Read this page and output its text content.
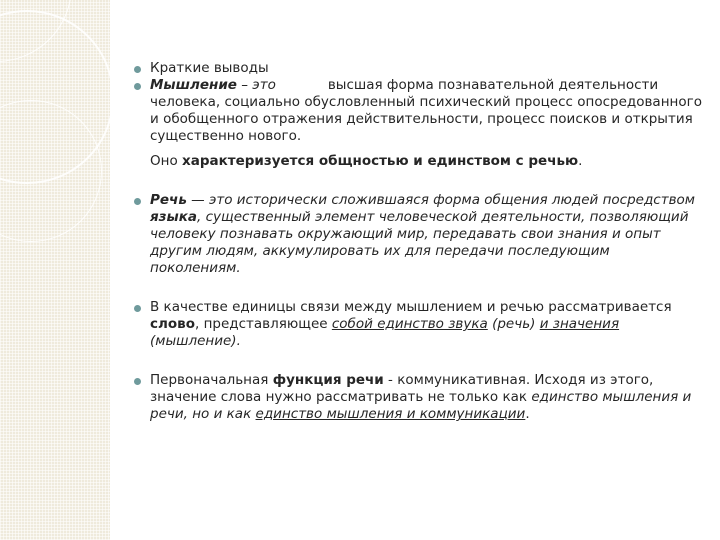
Краткие выводы
Мышление – это	высшая форма познавательной деятельности человека, социально обусловленный психический процесс опосредованного и обобщенного отражения действительности, процесс поисков и открытия существенно нового.
Оно характеризуется общностью и единством с речью.
Речь — это исторически сложившаяся форма общения людей посредством языка, существенный элемент человеческой деятельности, позволяющий человеку познавать окружающий мир, передавать свои знания и опыт другим людям, аккумулировать их для передачи последующим поколениям.
В качестве единицы связи между мышлением и речью рассматривается слово, представляющее собой единство звука (речь) и значения (мышление).
Первоначальная функция речи - коммуникативная. Исходя из этого, значение слова нужно рассматривать не только как единство мышления и речи, но и как единство мышления и коммуникации.
